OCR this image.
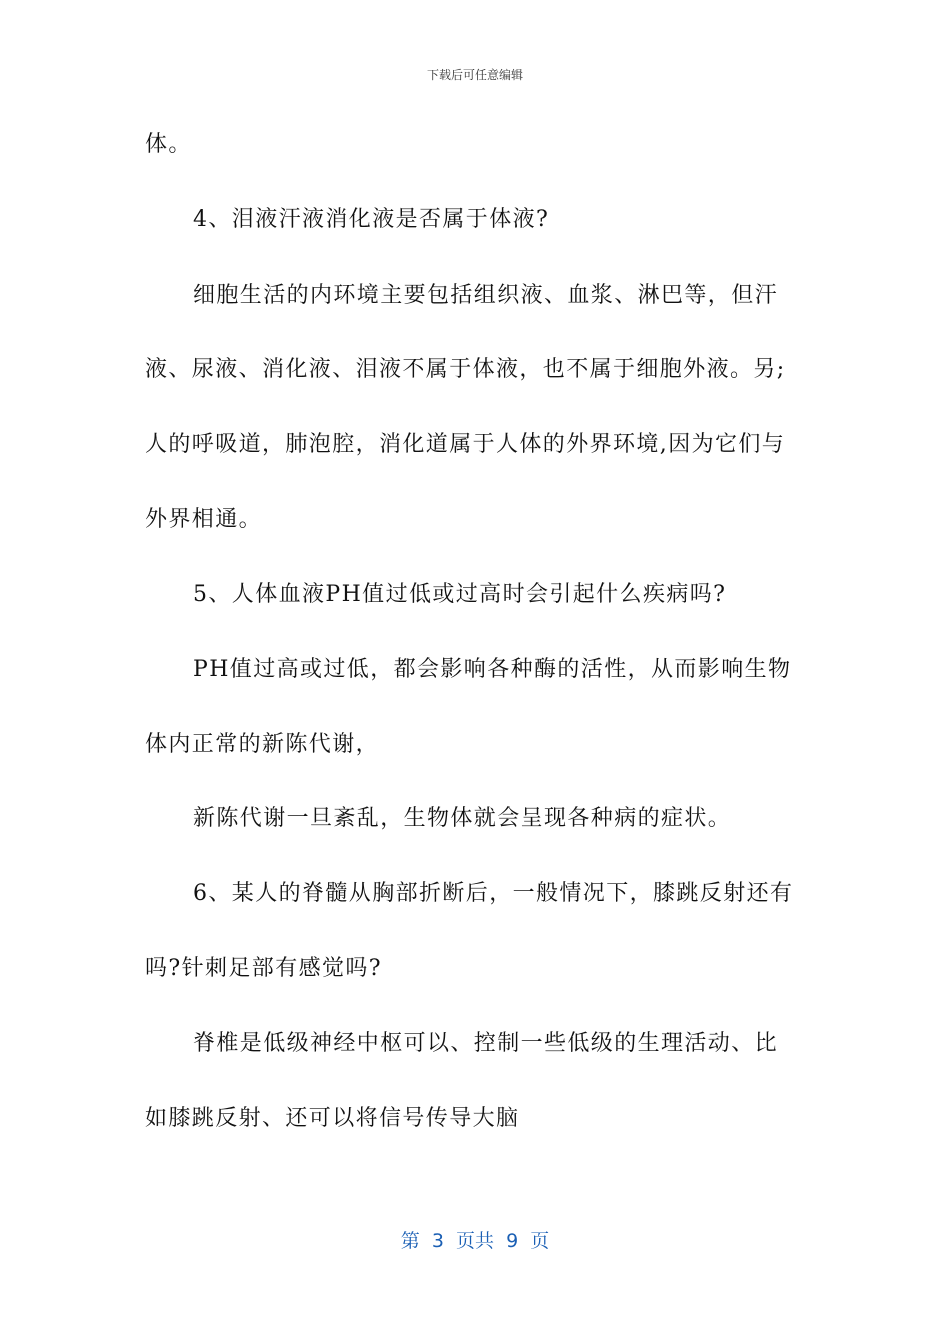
下载后可任意编辑
体。
4、泪液汗液消化液是否属于体液?
细胞生活的内环境主要包括组织液、血浆、淋巴等，但汗
液、尿液、消化液、泪液不属于体液，也不属于细胞外液。另;
人的呼吸道，肺泡腔，消化道属于人体的外界环境,因为它们与
外界相通。
5、人体血液PH值过低或过高时会引起什么疾病吗?
PH值过高或过低，都会影响各种酶的活性，从而影响生物
体内正常的新陈代谢，
新陈代谢一旦紊乱，生物体就会呈现各种病的症状。
6、某人的脊髓从胸部折断后，一般情况下，膝跳反射还有
吗?针刺足部有感觉吗?
脊椎是低级神经中枢可以、控制一些低级的生理活动、比
如膝跳反射、还可以将信号传导大脑
第  3  页共  9  页
